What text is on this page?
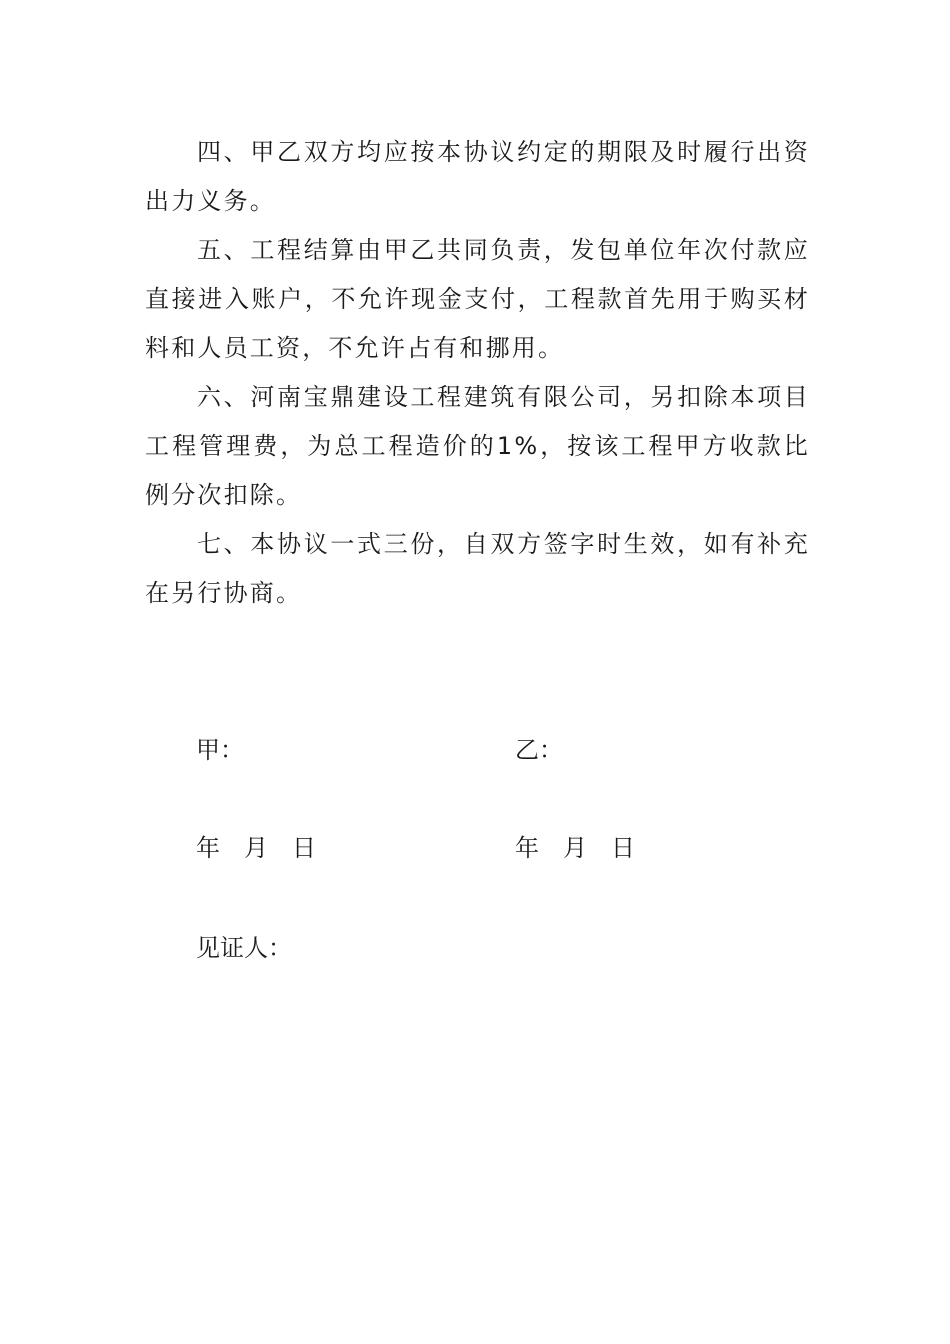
四、甲乙双方均应按本协议约定的期限及时履行出资出力义务。

五、工程结算由甲乙共同负责，发包单位年次付款应直接进入账户，不允许现金支付，工程款首先用于购买材料和人员工资，不允许占有和挪用。

六、河南宝鼎建设工程建筑有限公司，另扣除本项目工程管理费，为总工程造价的1%，按该工程甲方收款比例分次扣除。

七、本协议一式三份，自双方签字时生效，如有补充在另行协商。

甲：	乙：
年　月　日	年　月　日
见证人：
